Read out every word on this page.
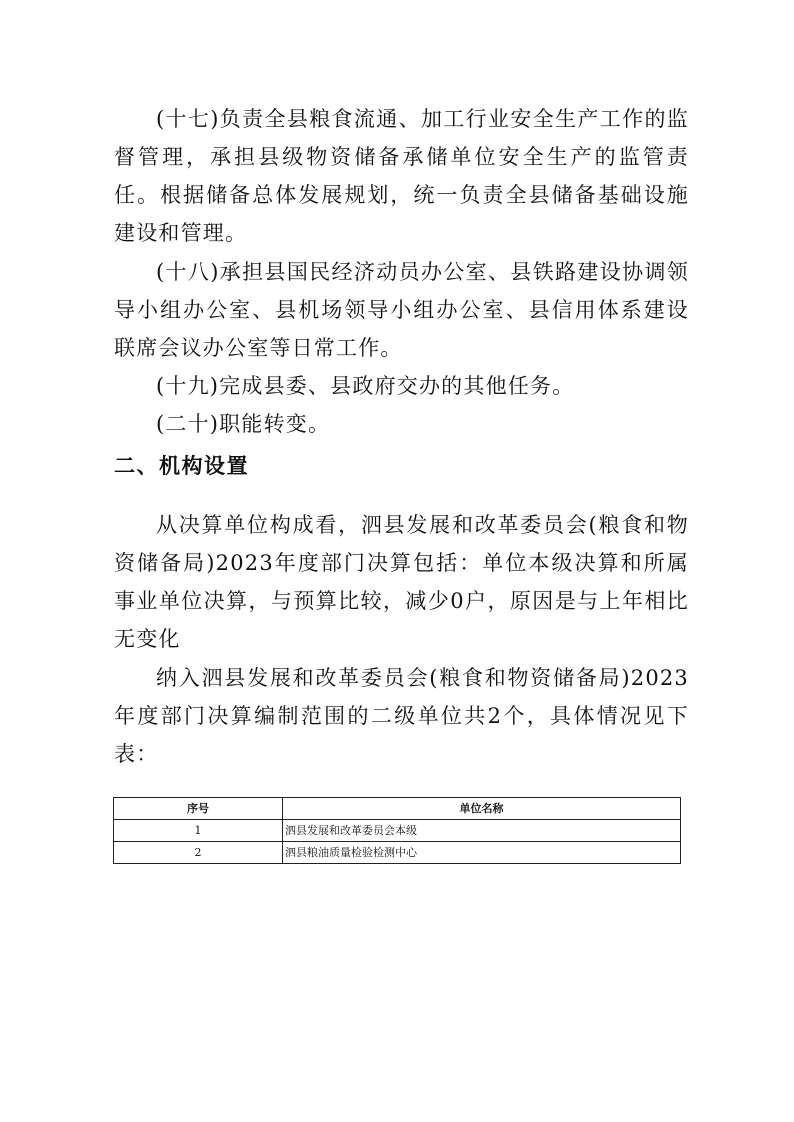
(十七)负责全县粮食流通、加工行业安全生产工作的监督管理，承担县级物资储备承储单位安全生产的监管责任。根据储备总体发展规划，统一负责全县储备基础设施建设和管理。

(十八)承担县国民经济动员办公室、县铁路建设协调领导小组办公室、县机场领导小组办公室、县信用体系建设联席会议办公室等日常工作。

(十九)完成县委、县政府交办的其他任务。

(二十)职能转变。

二、机构设置

从决算单位构成看，泗县发展和改革委员会(粮食和物资储备局)2023年度部门决算包括：单位本级决算和所属事业单位决算，与预算比较，减少0户，原因是与上年相比无变化

纳入泗县发展和改革委员会(粮食和物资储备局)2023年度部门决算编制范围的二级单位共2个，具体情况见下表：

序号	单位名称
1	泗县发展和改革委员会本级
2	泗县粮油质量检验检测中心
